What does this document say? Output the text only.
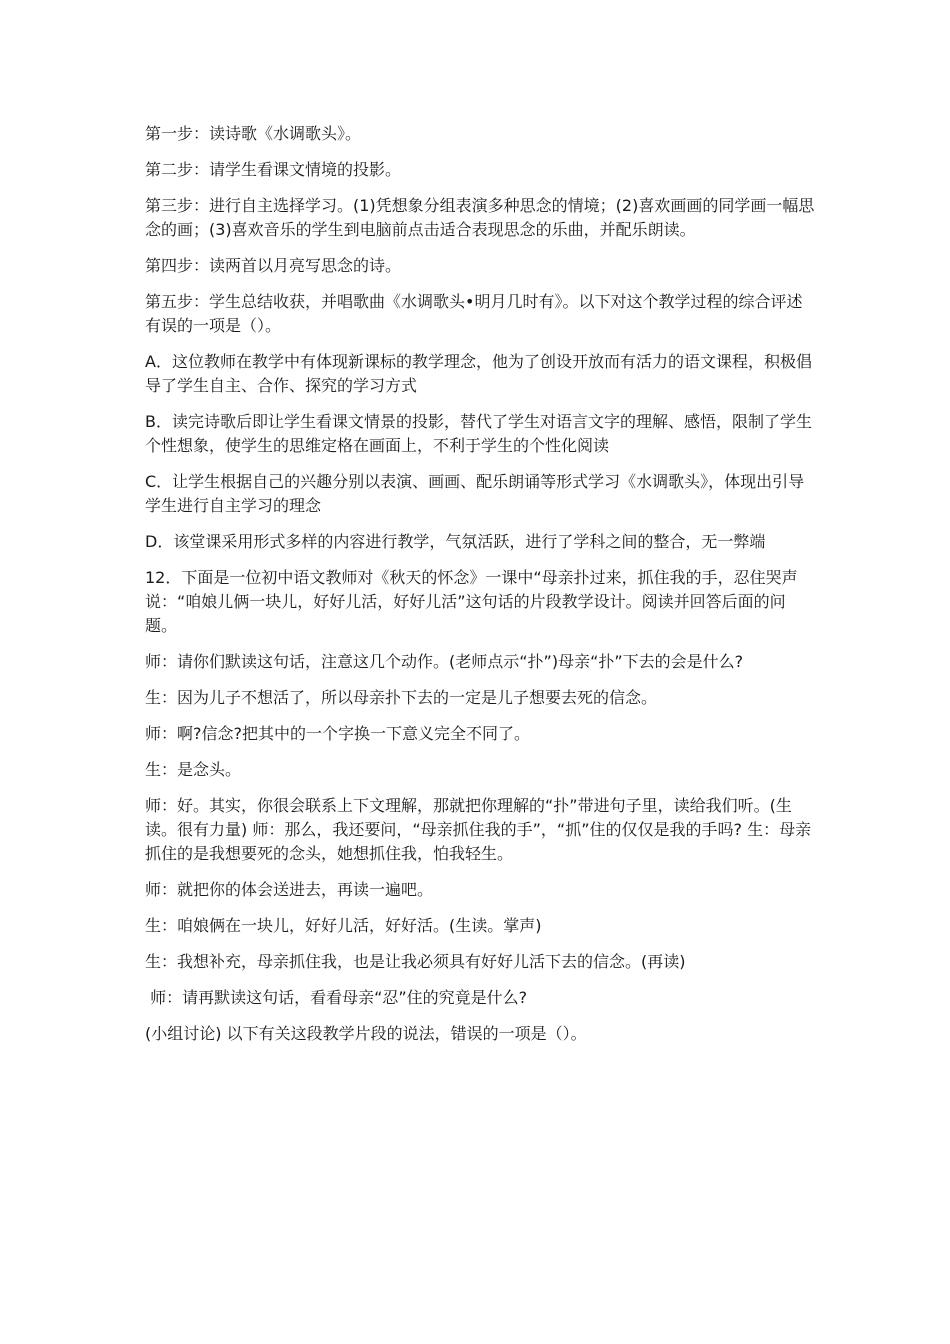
第一步：读诗歌《水调歌头》。

第二步：请学生看课文情境的投影。

第三步：进行自主选择学习。(1)凭想象分组表演多种思念的情境；(2)喜欢画画的同学画一幅思念的画；(3)喜欢音乐的学生到电脑前点击适合表现思念的乐曲，并配乐朗读。

第四步：读两首以月亮写思念的诗。

第五步：学生总结收获，并唱歌曲《水调歌头•明月几时有》。以下对这个教学过程的综合评述有误的一项是（）。

A．这位教师在教学中有体现新课标的教学理念，他为了创设开放而有活力的语文课程，积极倡导了学生自主、合作、探究的学习方式

B．读完诗歌后即让学生看课文情景的投影，替代了学生对语言文字的理解、感悟，限制了学生个性想象，使学生的思维定格在画面上，不利于学生的个性化阅读

C．让学生根据自己的兴趣分别以表演、画画、配乐朗诵等形式学习《水调歌头》，体现出引导学生进行自主学习的理念

D．该堂课采用形式多样的内容进行教学，气氛活跃，进行了学科之间的整合，无一弊端

12．下面是一位初中语文教师对《秋天的怀念》一课中“母亲扑过来，抓住我的手，忍住哭声说：“咱娘儿俩一块儿，好好儿活，好好儿活”这句话的片段教学设计。阅读并回答后面的问题。

师：请你们默读这句话，注意这几个动作。(老师点示“扑”)母亲“扑”下去的会是什么?

生：因为儿子不想活了，所以母亲扑下去的一定是儿子想要去死的信念。

师：啊?信念?把其中的一个字换一下意义完全不同了。

生：是念头。

师：好。其实，你很会联系上下文理解，那就把你理解的“扑”带进句子里，读给我们听。(生读。很有力量) 师：那么，我还要问，“母亲抓住我的手”，“抓”住的仅仅是我的手吗? 生：母亲抓住的是我想要死的念头，她想抓住我，怕我轻生。

师：就把你的体会送进去，再读一遍吧。

生：咱娘俩在一块儿，好好儿活，好好活。(生读。掌声)

生：我想补充，母亲抓住我，也是让我必须具有好好儿活下去的信念。(再读)

师：请再默读这句话，看看母亲“忍”住的究竟是什么?

(小组讨论) 以下有关这段教学片段的说法，错误的一项是（）。
